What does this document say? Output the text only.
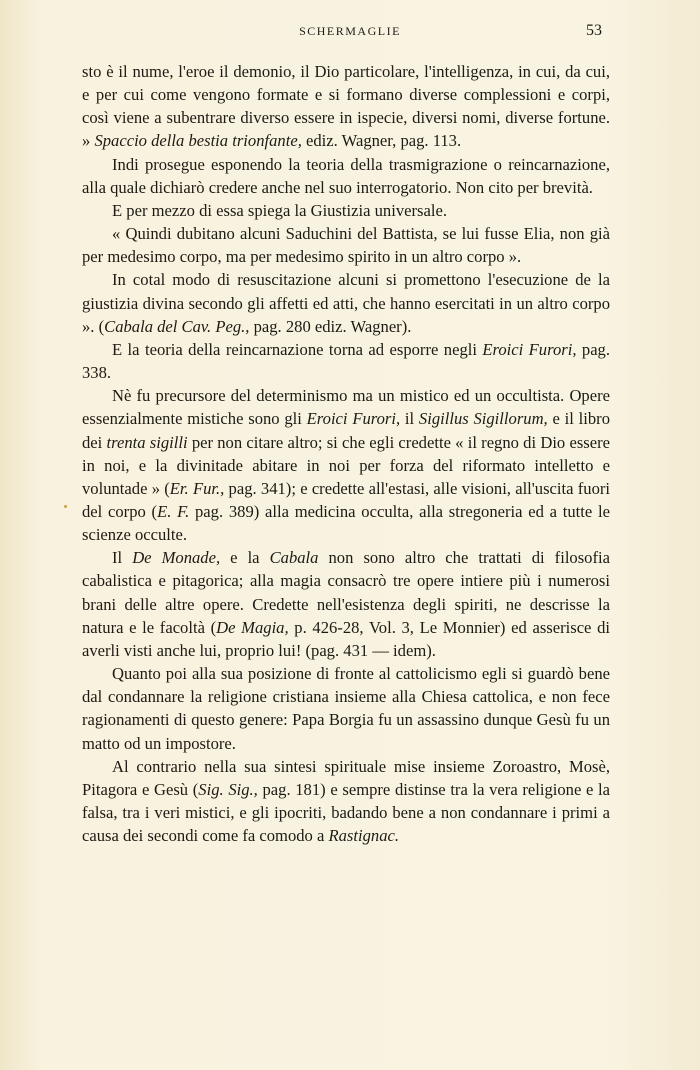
SCHERMAGLIE	53

sto è il nume, l'eroe il demonio, il Dio particolare, l'intelligenza, in cui, da cui, e per cui come vengono formate e si formano diverse complessioni e corpi, così viene a subentrare diverso essere in ispecie, diversi nomi, diverse fortune. » Spaccio della bestia trionfante, ediz. Wagner, pag. 113.

Indi prosegue esponendo la teoria della trasmigrazione o reincarnazione, alla quale dichiarò credere anche nel suo interrogatorio. Non cito per brevità.

E per mezzo di essa spiega la Giustizia universale.

« Quindi dubitano alcuni Saduchini del Battista, se lui fusse Elia, non già per medesimo corpo, ma per medesimo spirito in un altro corpo ».

In cotal modo di resuscitazione alcuni si promettono l'esecuzione de la giustizia divina secondo gli affetti ed atti, che hanno esercitati in un altro corpo ». (Cabala del Cav. Peg., pag. 280 ediz. Wagner).

E la teoria della reincarnazione torna ad esporre negli Eroici Furori, pag. 338.

Nè fu precursore del determinismo ma un mistico ed un occultista. Opere essenzialmente mistiche sono gli Eroici Furori, il Sigillus Sigillorum, e il libro dei trenta sigilli per non citare altro; si che egli credette « il regno di Dio essere in noi, e la divinitade abitare in noi per forza del riformato intelletto e voluntade » (Er. Fur., pag. 341); e credette all'estasi, alle visioni, all'uscita fuori del corpo (E. F. pag. 389) alla medicina occulta, alla stregoneria ed a tutte le scienze occulte.

Il De Monade, e la Cabala non sono altro che trattati di filosofia cabalistica e pitagorica; alla magia consacrò tre opere intiere più i numerosi brani delle altre opere. Credette nell'esistenza degli spiriti, ne descrisse la natura e le facoltà (De Magia, p. 426-28, Vol. 3, Le Monnier) ed asserisce di averli visti anche lui, proprio lui! (pag. 431 — idem).

Quanto poi alla sua posizione di fronte al cattolicismo egli si guardò bene dal condannare la religione cristiana insieme alla Chiesa cattolica, e non fece ragionamenti di questo genere: Papa Borgia fu un assassino dunque Gesù fu un matto od un impostore.

Al contrario nella sua sintesi spirituale mise insieme Zoroastro, Mosè, Pitagora e Gesù (Sig. Sig., pag. 181) e sempre distinse tra la vera religione e la falsa, tra i veri mistici, e gli ipocriti, badando bene a non condannare i primi a causa dei secondi come fa comodo a Rastignac.
